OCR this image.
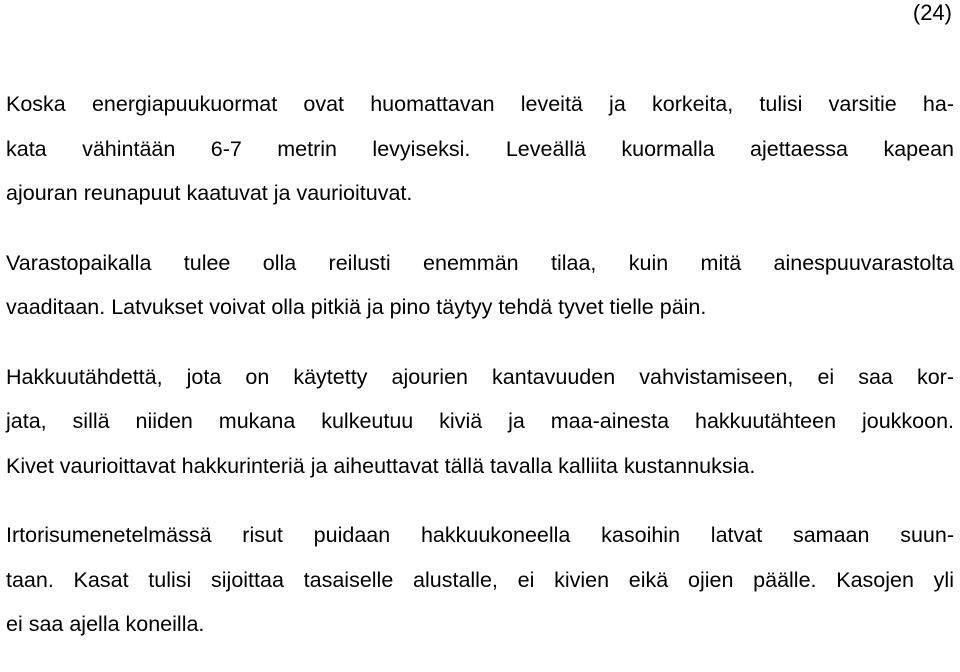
(24)
Koska energiapuukuormat ovat huomattavan leveitä ja korkeita, tulisi varsitie ha-
kata vähintään 6-7 metrin levyiseksi. Leveällä kuormalla ajettaessa kapean
ajouran reunapuut kaatuvat ja vaurioituvat.
Varastopaikalla tulee olla reilusti enemmän tilaa, kuin mitä ainespuuvarastolta
vaaditaan. Latvukset voivat olla pitkiä ja pino täytyy tehdä tyvet tielle päin.
Hakkuutähdettä, jota on käytetty ajourien kantavuuden vahvistamiseen, ei saa kor-
jata, sillä niiden mukana kulkeutuu kiviä ja maa-ainesta hakkuutähteen joukkoon.
Kivet vaurioittavat hakkurinteriä ja aiheuttavat tällä tavalla kalliita kustannuksia.
Irtorisumenetelmässä risut puidaan hakkuukoneella kasoihin latvat samaan suun-
taan. Kasat tulisi sijoittaa tasaiselle alustalle, ei kivien eikä ojien päälle. Kasojen yli
ei saa ajella koneilla.
